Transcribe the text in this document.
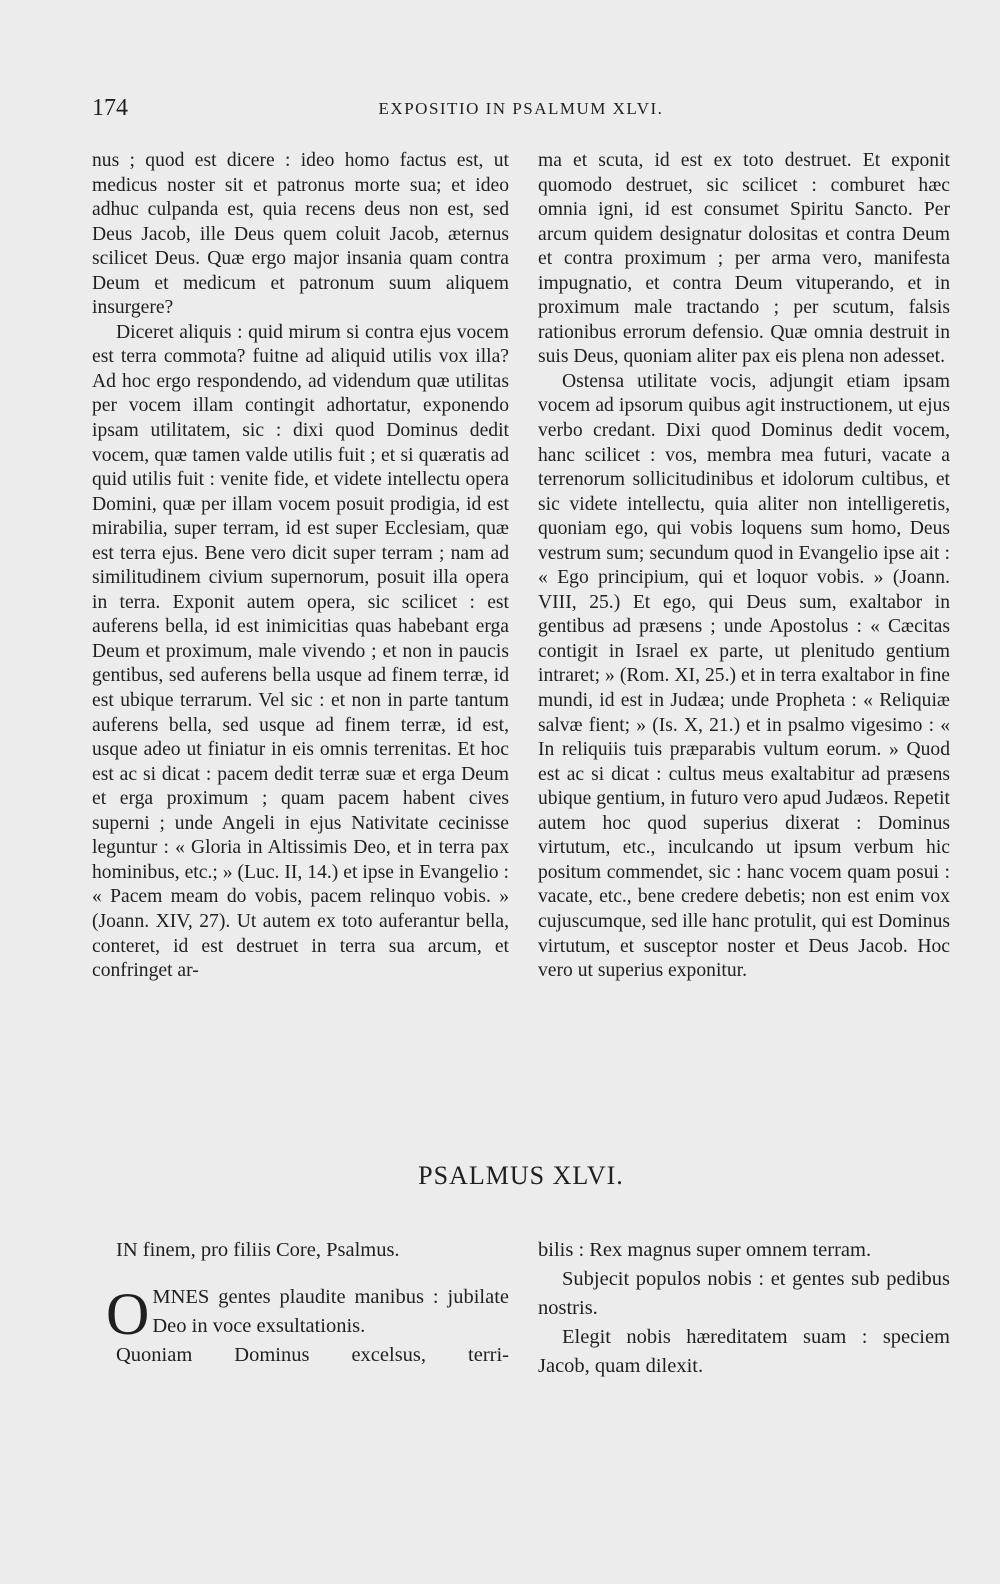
174	EXPOSITIO IN PSALMUM XLVI.

nus ; quod est dicere : ideo homo factus est, ut medicus noster sit et patronus morte sua; et ideo adhuc culpanda est, quia recens deus non est, sed Deus Jacob, ille Deus quem coluit Jacob, æternus scilicet Deus. Quæ ergo major insania quam contra Deum et medicum et patronum suum aliquem insurgere?

Diceret aliquis : quid mirum si contra ejus vocem est terra commota? fuitne ad aliquid utilis vox illa? Ad hoc ergo respondendo, ad videndum quæ utilitas per vocem illam contingit adhortatur, exponendo ipsam utilitatem, sic : dixi quod Dominus dedit vocem, quæ tamen valde utilis fuit ; et si quæratis ad quid utilis fuit : venite fide, et videte intellectu opera Domini, quæ per illam vocem posuit prodigia, id est mirabilia, super terram, id est super Ecclesiam, quæ est terra ejus. Bene vero dicit super terram ; nam ad similitudinem civium supernorum, posuit illa opera in terra. Exponit autem opera, sic scilicet : est auferens bella, id est inimicitias quas habebant erga Deum et proximum, male vivendo ; et non in paucis gentibus, sed auferens bella usque ad finem terræ, id est ubique terrarum. Vel sic : et non in parte tantum auferens bella, sed usque ad finem terræ, id est, usque adeo ut finiatur in eis omnis terrenitas. Et hoc est ac si dicat : pacem dedit terræ suæ et erga Deum et erga proximum ; quam pacem habent cives superni ; unde Angeli in ejus Nativitate cecinisse leguntur : « Gloria in Altissimis Deo, et in terra pax hominibus, etc.; » (Luc. II, 14.) et ipse in Evangelio : « Pacem meam do vobis, pacem relinquo vobis. » (Joann. XIV, 27). Ut autem ex toto auferantur bella, conteret, id est destruet in terra sua arcum, et confringet ar-

ma et scuta, id est ex toto destruet. Et exponit quomodo destruet, sic scilicet : comburet hæc omnia igni, id est consumet Spiritu Sancto. Per arcum quidem designatur dolositas et contra Deum et contra proximum ; per arma vero, manifesta impugnatio, et contra Deum vituperando, et in proximum male tractando ; per scutum, falsis rationibus errorum defensio. Quæ omnia destruit in suis Deus, quoniam aliter pax eis plena non adesset.

Ostensa utilitate vocis, adjungit etiam ipsam vocem ad ipsorum quibus agit instructionem, ut ejus verbo credant. Dixi quod Dominus dedit vocem, hanc scilicet : vos, membra mea futuri, vacate a terrenorum sollicitudinibus et idolorum cultibus, et sic videte intellectu, quia aliter non intelligeretis, quoniam ego, qui vobis loquens sum homo, Deus vestrum sum; secundum quod in Evangelio ipse ait : « Ego principium, qui et loquor vobis. » (Joann. VIII, 25.) Et ego, qui Deus sum, exaltabor in gentibus ad præsens ; unde Apostolus : « Cæcitas contigit in Israel ex parte, ut plenitudo gentium intraret; » (Rom. XI, 25.) et in terra exaltabor in fine mundi, id est in Judæa; unde Propheta : « Reliquiæ salvæ fient; » (Is. X, 21.) et in psalmo vigesimo : « In reliquiis tuis præparabis vultum eorum. » Quod est ac si dicat : cultus meus exaltabitur ad præsens ubique gentium, in futuro vero apud Judæos. Repetit autem hoc quod superius dixerat : Dominus virtutum, etc., inculcando ut ipsum verbum hic positum commendet, sic : hanc vocem quam posui : vacate, etc., bene credere debetis; non est enim vox cujuscumque, sed ille hanc protulit, qui est Dominus virtutum, et susceptor noster et Deus Jacob. Hoc vero ut superius exponitur.

PSALMUS XLVI.

IN finem, pro filiis Core, Psalmus.

OMNES gentes plaudite manibus : jubilate Deo in voce exsultationis.

Quoniam Dominus excelsus, terri-

bilis : Rex magnus super omnem terram.

Subjecit populos nobis : et gentes sub pedibus nostris.

Elegit nobis hæreditatem suam : speciem Jacob, quam dilexit.
